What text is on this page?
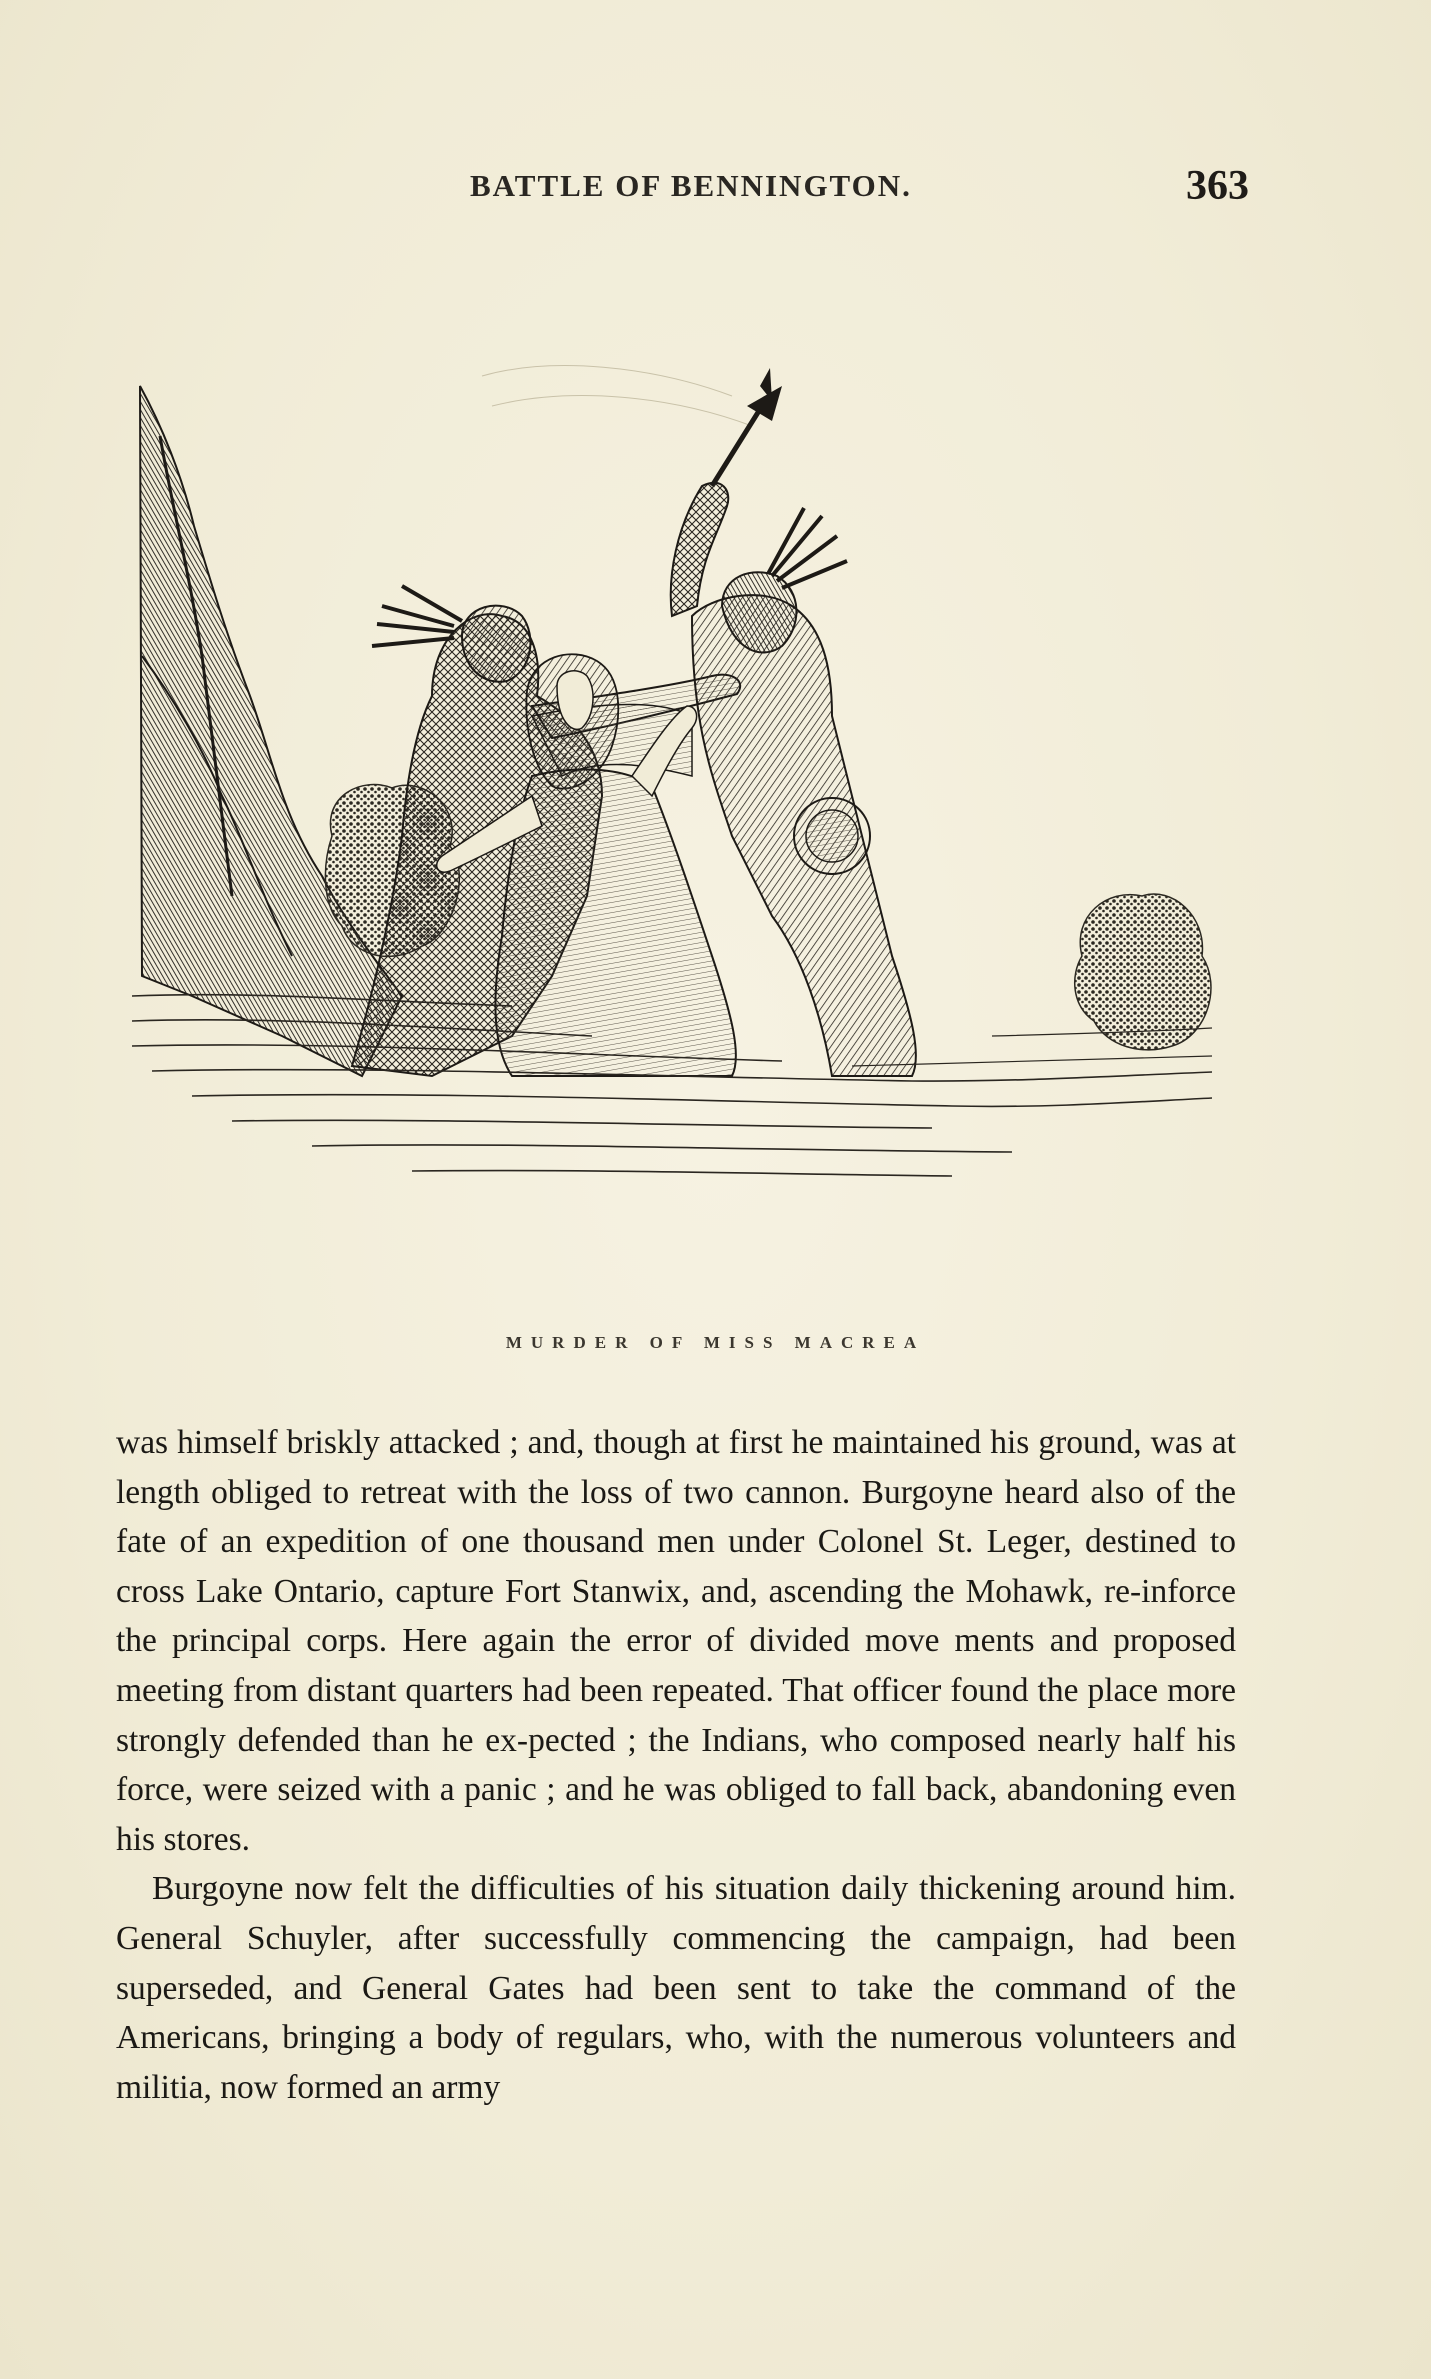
BATTLE OF BENNINGTON.	363
MURDER OF MISS MACREA

was himself briskly attacked ; and, though at first he maintained his ground, was at length obliged to retreat with the loss of two cannon. Burgoyne heard also of the fate of an expedition of one thousand men under Colonel St. Leger, destined to cross Lake Ontario, capture Fort Stanwix, and, ascending the Mohawk, re-inforce the principal corps. Here again the error of divided move ments and proposed meeting from distant quarters had been repeated. That officer found the place more strongly defended than he ex-pected ; the Indians, who composed nearly half his force, were seized with a panic ; and he was obliged to fall back, abandoning even his stores.

Burgoyne now felt the difficulties of his situation daily thickening around him. General Schuyler, after successfully commencing the campaign, had been superseded, and General Gates had been sent to take the command of the Americans, bringing a body of regulars, who, with the numerous volunteers and militia, now formed an army
